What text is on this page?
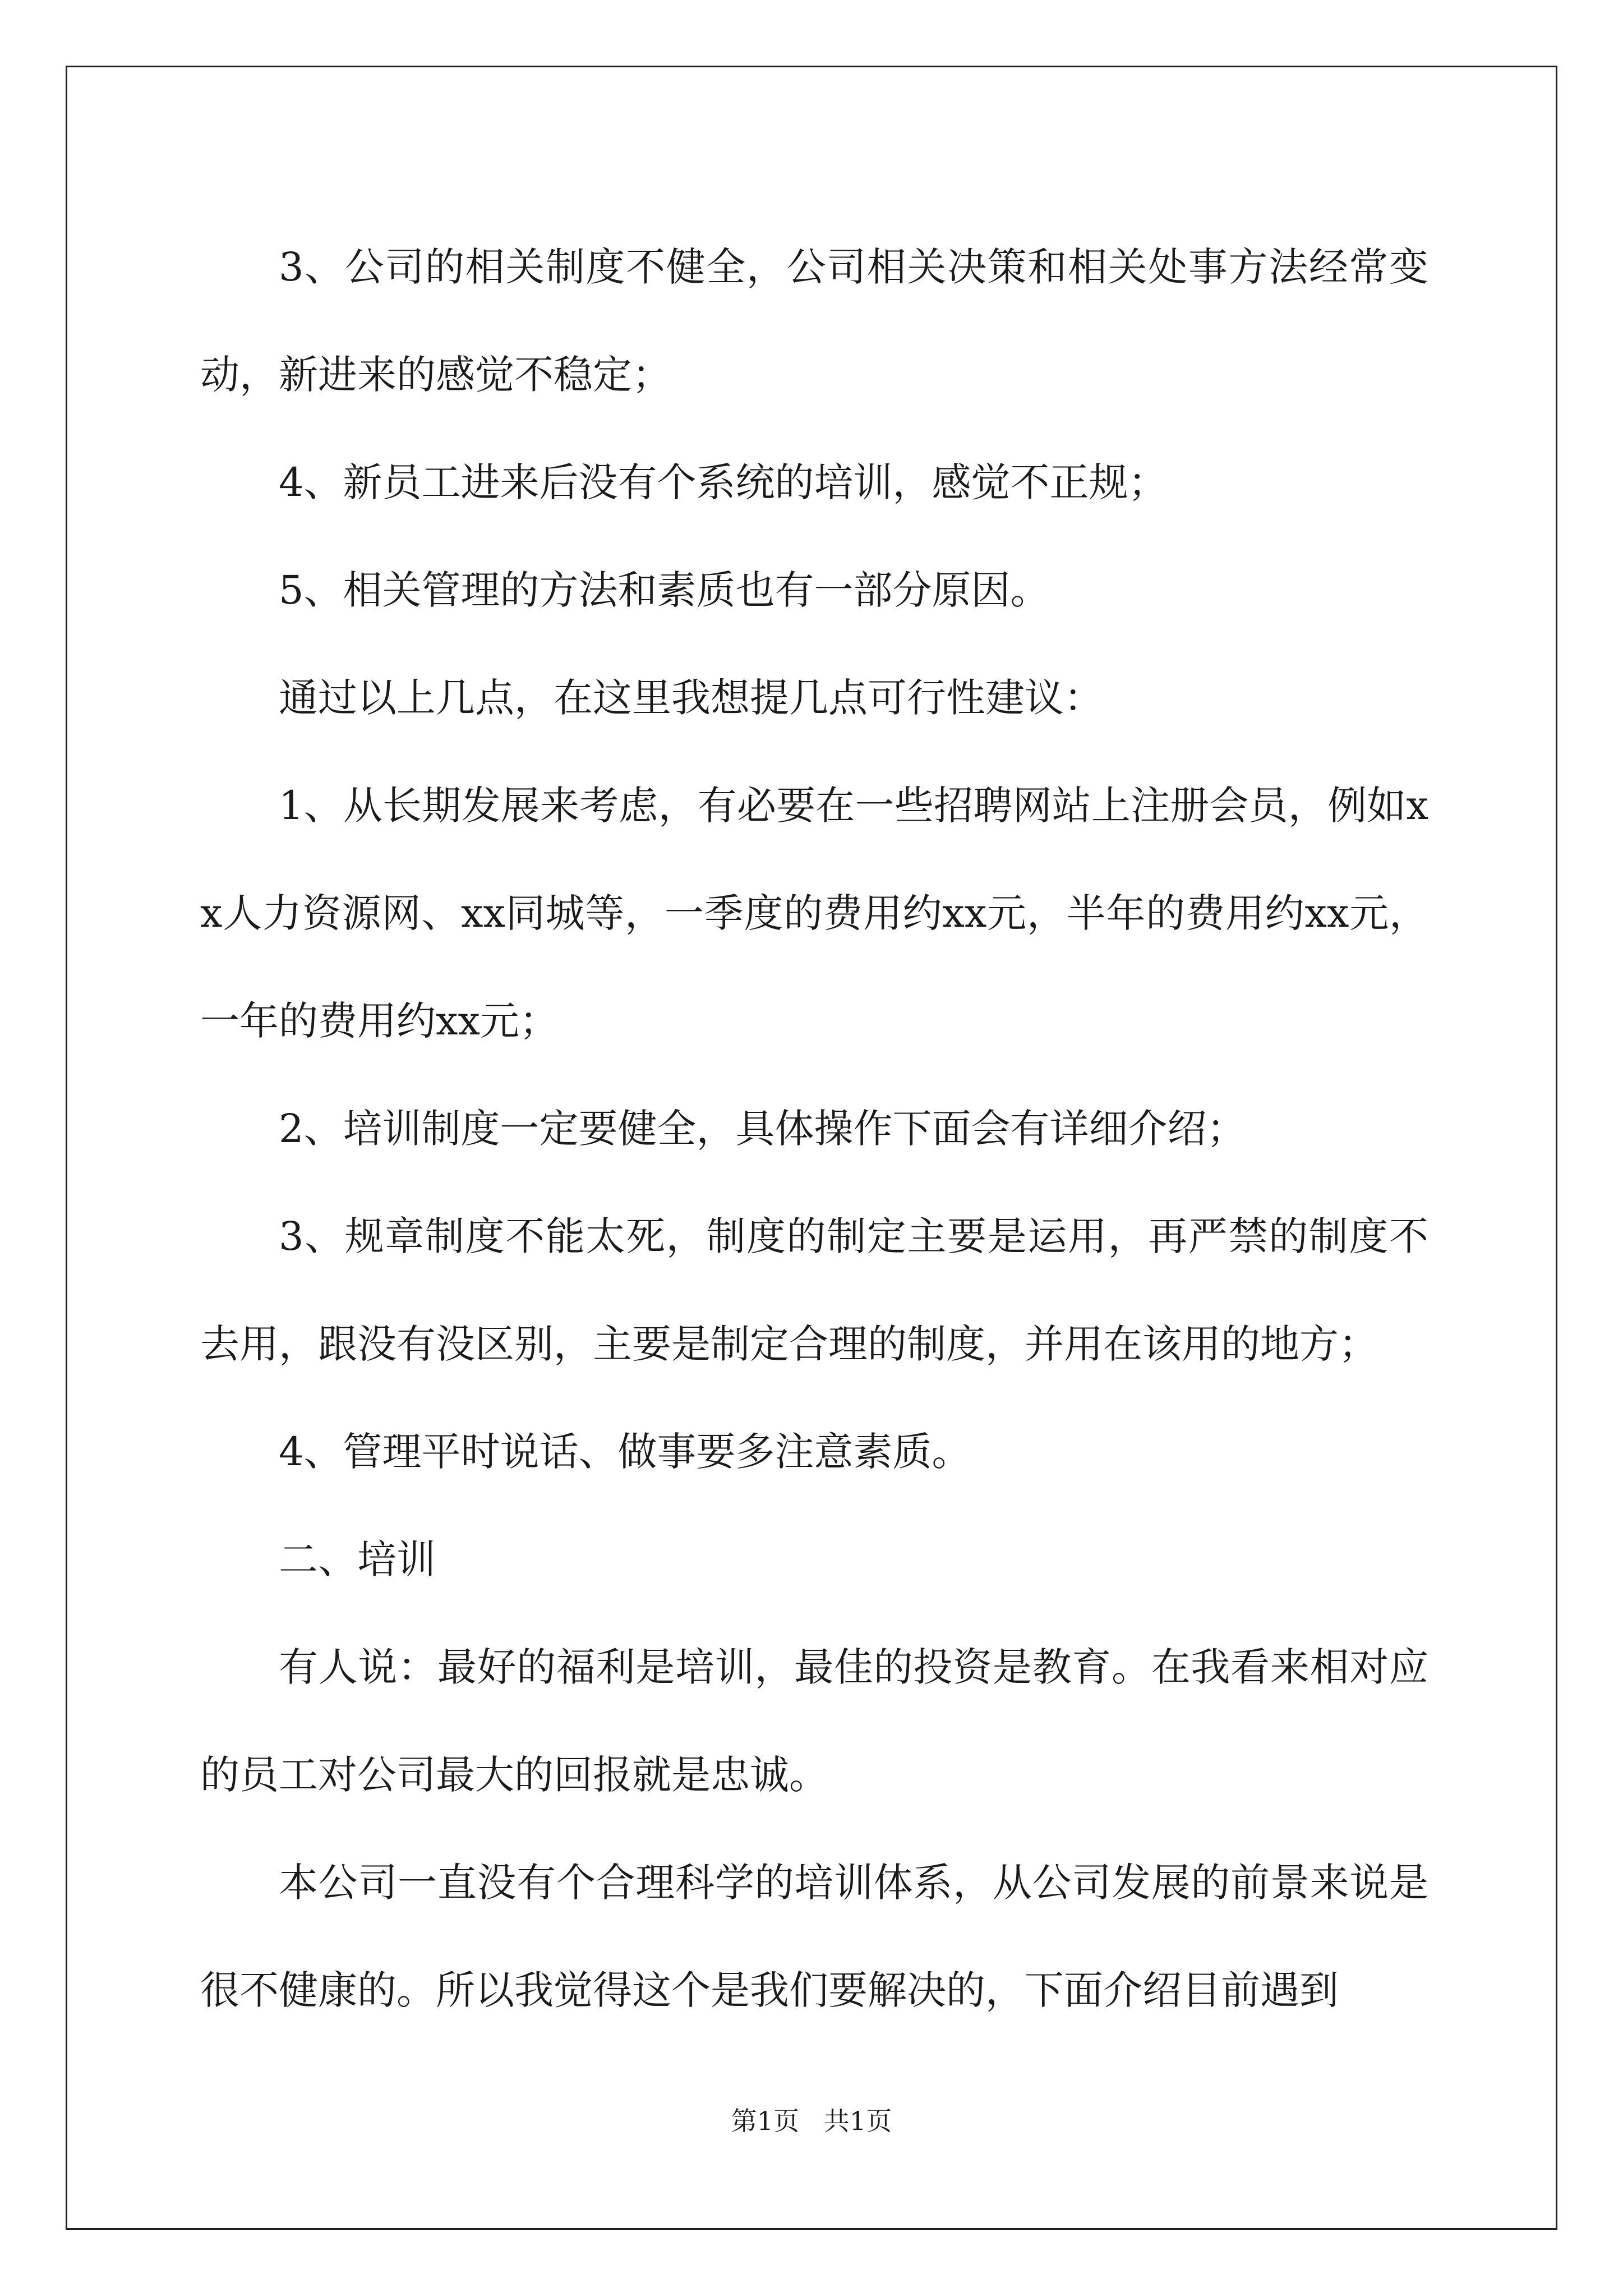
3、公司的相关制度不健全，公司相关决策和相关处事方法经常变动，新进来的感觉不稳定；

4、新员工进来后没有个系统的培训，感觉不正规；

5、相关管理的方法和素质也有一部分原因。

通过以上几点，在这里我想提几点可行性建议：

1、从长期发展来考虑，有必要在一些招聘网站上注册会员，例如xx人力资源网、xx同城等，一季度的费用约xx元，半年的费用约xx元，一年的费用约xx元；

2、培训制度一定要健全，具体操作下面会有详细介绍；

3、规章制度不能太死，制度的制定主要是运用，再严禁的制度不去用，跟没有没区别，主要是制定合理的制度，并用在该用的地方；

4、管理平时说话、做事要多注意素质。

二、培训

有人说：最好的福利是培训，最佳的投资是教育。在我看来相对应的员工对公司最大的回报就是忠诚。

本公司一直没有个合理科学的培训体系，从公司发展的前景来说是很不健康的。所以我觉得这个是我们要解决的，下面介绍目前遇到

第1页   共1页
